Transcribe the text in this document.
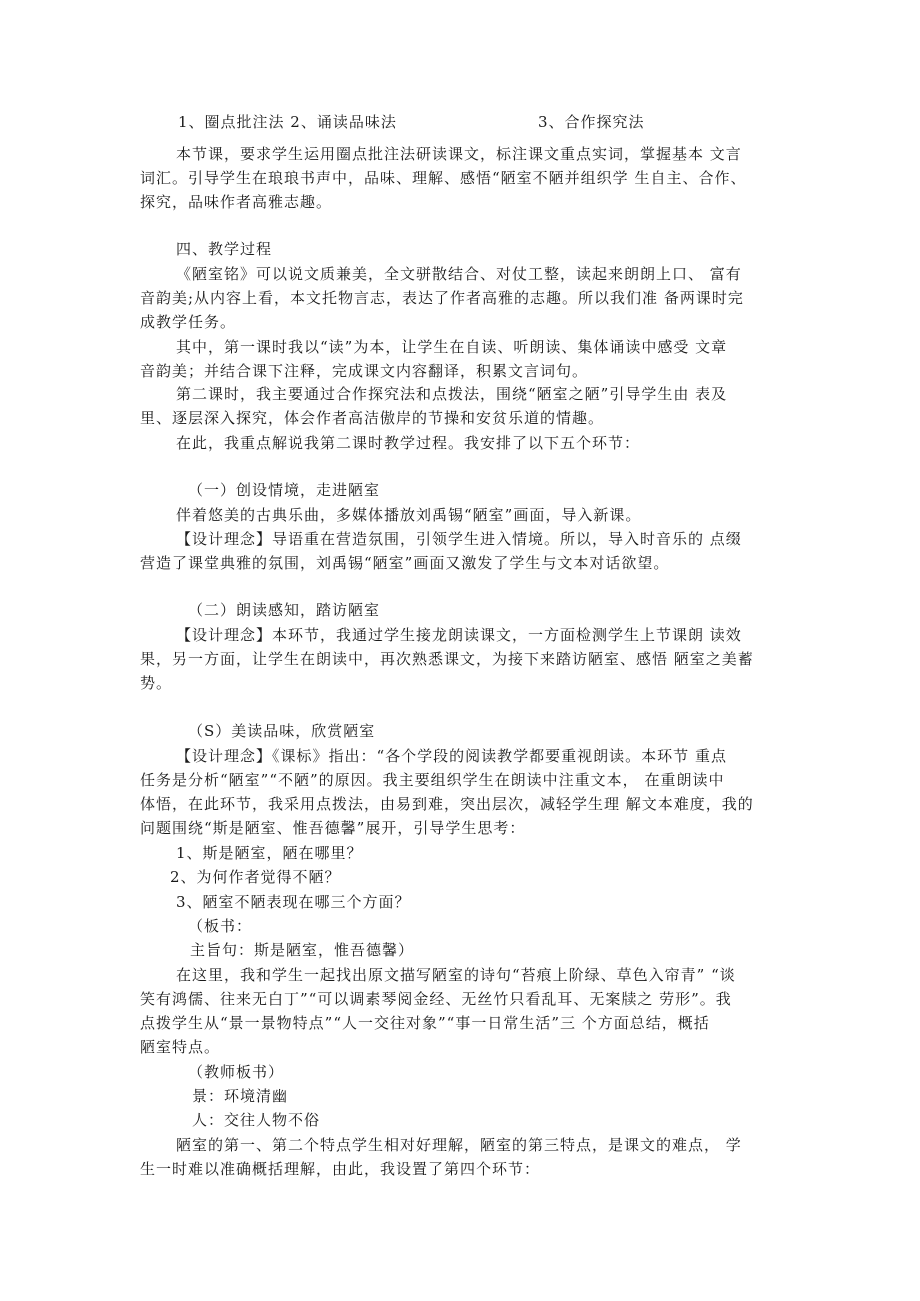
1、圈点批注法 2、诵读品味法	3、合作探究法
本节课，要求学生运用圈点批注法研读课文，标注课文重点实词，掌握基本 文言
词汇。引导学生在琅琅书声中，品味、理解、感悟“陋室不陋并组织学 生自主、合作、
探究，品味作者高雅志趣。
四、教学过程
《陋室铭》可以说文质兼美，全文骈散结合、对仗工整，读起来朗朗上口、 富有
音韵美;从内容上看，本文托物言志，表达了作者高雅的志趣。所以我们准 备两课时完
成教学任务。
其中，第一课时我以“读”为本，让学生在自读、听朗读、集体诵读中感受 文章
音韵美；并结合课下注释，完成课文内容翻译，积累文言词句。
第二课时，我主要通过合作探究法和点拨法，围绕“陋室之陋”引导学生由 表及
里、逐层深入探究，体会作者高洁傲岸的节操和安贫乐道的情趣。
在此，我重点解说我第二课时教学过程。我安排了以下五个环节：
（一）创设情境，走进陋室
伴着悠美的古典乐曲，多媒体播放刘禹锡“陋室”画面，导入新课。
【设计理念】导语重在营造氛围，引领学生进入情境。所以，导入时音乐的 点缀
营造了课堂典雅的氛围，刘禹锡“陋室”画面又激发了学生与文本对话欲望。
（二）朗读感知，踏访陋室
【设计理念】本环节，我通过学生接龙朗读课文，一方面检测学生上节课朗 读效
果，另一方面，让学生在朗读中，再次熟悉课文，为接下来踏访陋室、感悟 陋室之美蓄
势。
（S）美读品味，欣赏陋室
【设计理念】《课标》指出：“各个学段的阅读教学都要重视朗读。本环节 重点
任务是分析“陋室”“不陋”的原因。我主要组织学生在朗读中注重文本， 在重朗读中
体悟，在此环节，我采用点拨法，由易到难，突出层次，减轻学生理 解文本难度，我的
问题围绕“斯是陋室、惟吾德馨”展开，引导学生思考：
1、斯是陋室，陋在哪里？
2、为何作者觉得不陋？
3、陋室不陋表现在哪三个方面？
（板书：
主旨句：斯是陋室，惟吾德馨）
在这里，我和学生一起找出原文描写陋室的诗句“苔痕上阶绿、草色入帘青” “谈
笑有鸿儒、往来无白丁”“可以调素琴阅金经、无丝竹只看乱耳、无案牍之 劳形”。我
点拨学生从“景一景物特点”“人一交往对象”“事一日常生活”三 个方面总结，概括
陋室特点。
（教师板书）
景：环境清幽
人：交往人物不俗
陋室的第一、第二个特点学生相对好理解，陋室的第三特点，是课文的难点， 学
生一时难以准确概括理解，由此，我设置了第四个环节：
